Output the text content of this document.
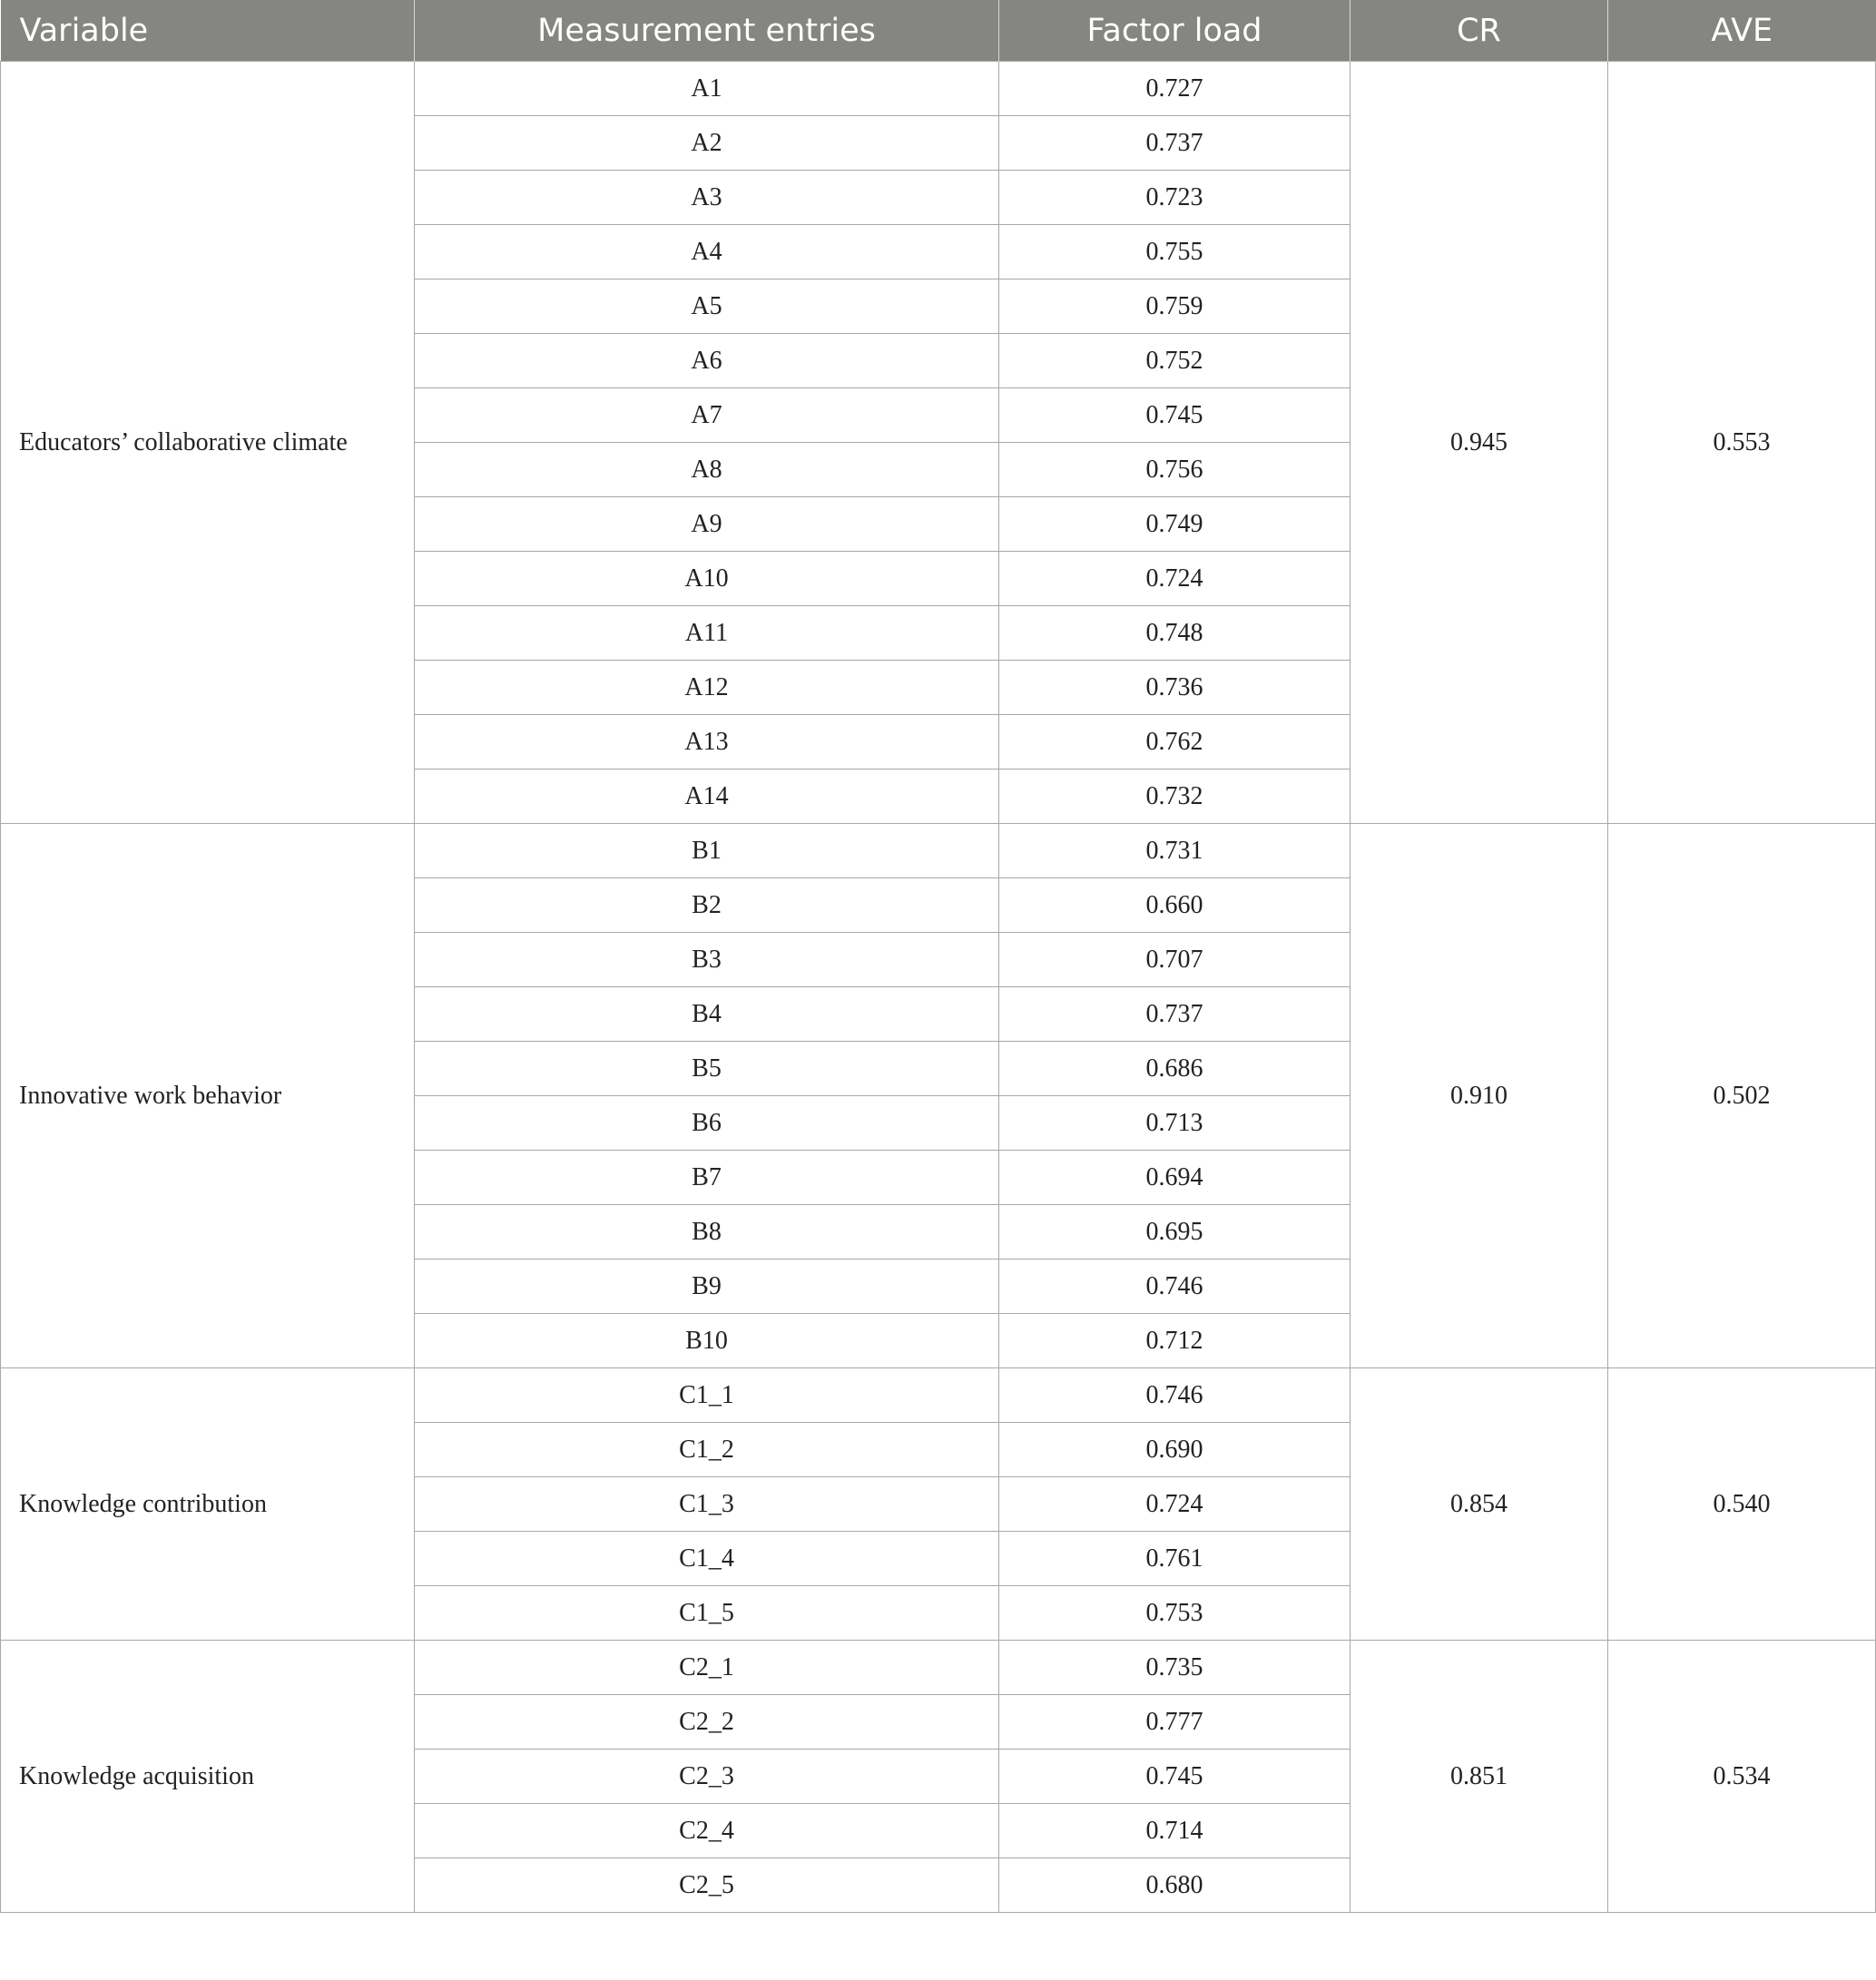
Variable	Measurement entries	Factor load	CR	AVE
Educators’ collaborative climate	A1	0.727	0.945	0.553
	A2	0.737		
	A3	0.723		
	A4	0.755		
	A5	0.759		
	A6	0.752		
	A7	0.745		
	A8	0.756		
	A9	0.749		
	A10	0.724		
	A11	0.748		
	A12	0.736		
	A13	0.762		
	A14	0.732		
Innovative work behavior	B1	0.731	0.910	0.502
	B2	0.660		
	B3	0.707		
	B4	0.737		
	B5	0.686		
	B6	0.713		
	B7	0.694		
	B8	0.695		
	B9	0.746		
	B10	0.712		
Knowledge contribution	C1_1	0.746	0.854	0.540
	C1_2	0.690		
	C1_3	0.724		
	C1_4	0.761		
	C1_5	0.753		
Knowledge acquisition	C2_1	0.735	0.851	0.534
	C2_2	0.777		
	C2_3	0.745		
	C2_4	0.714		
	C2_5	0.680		
